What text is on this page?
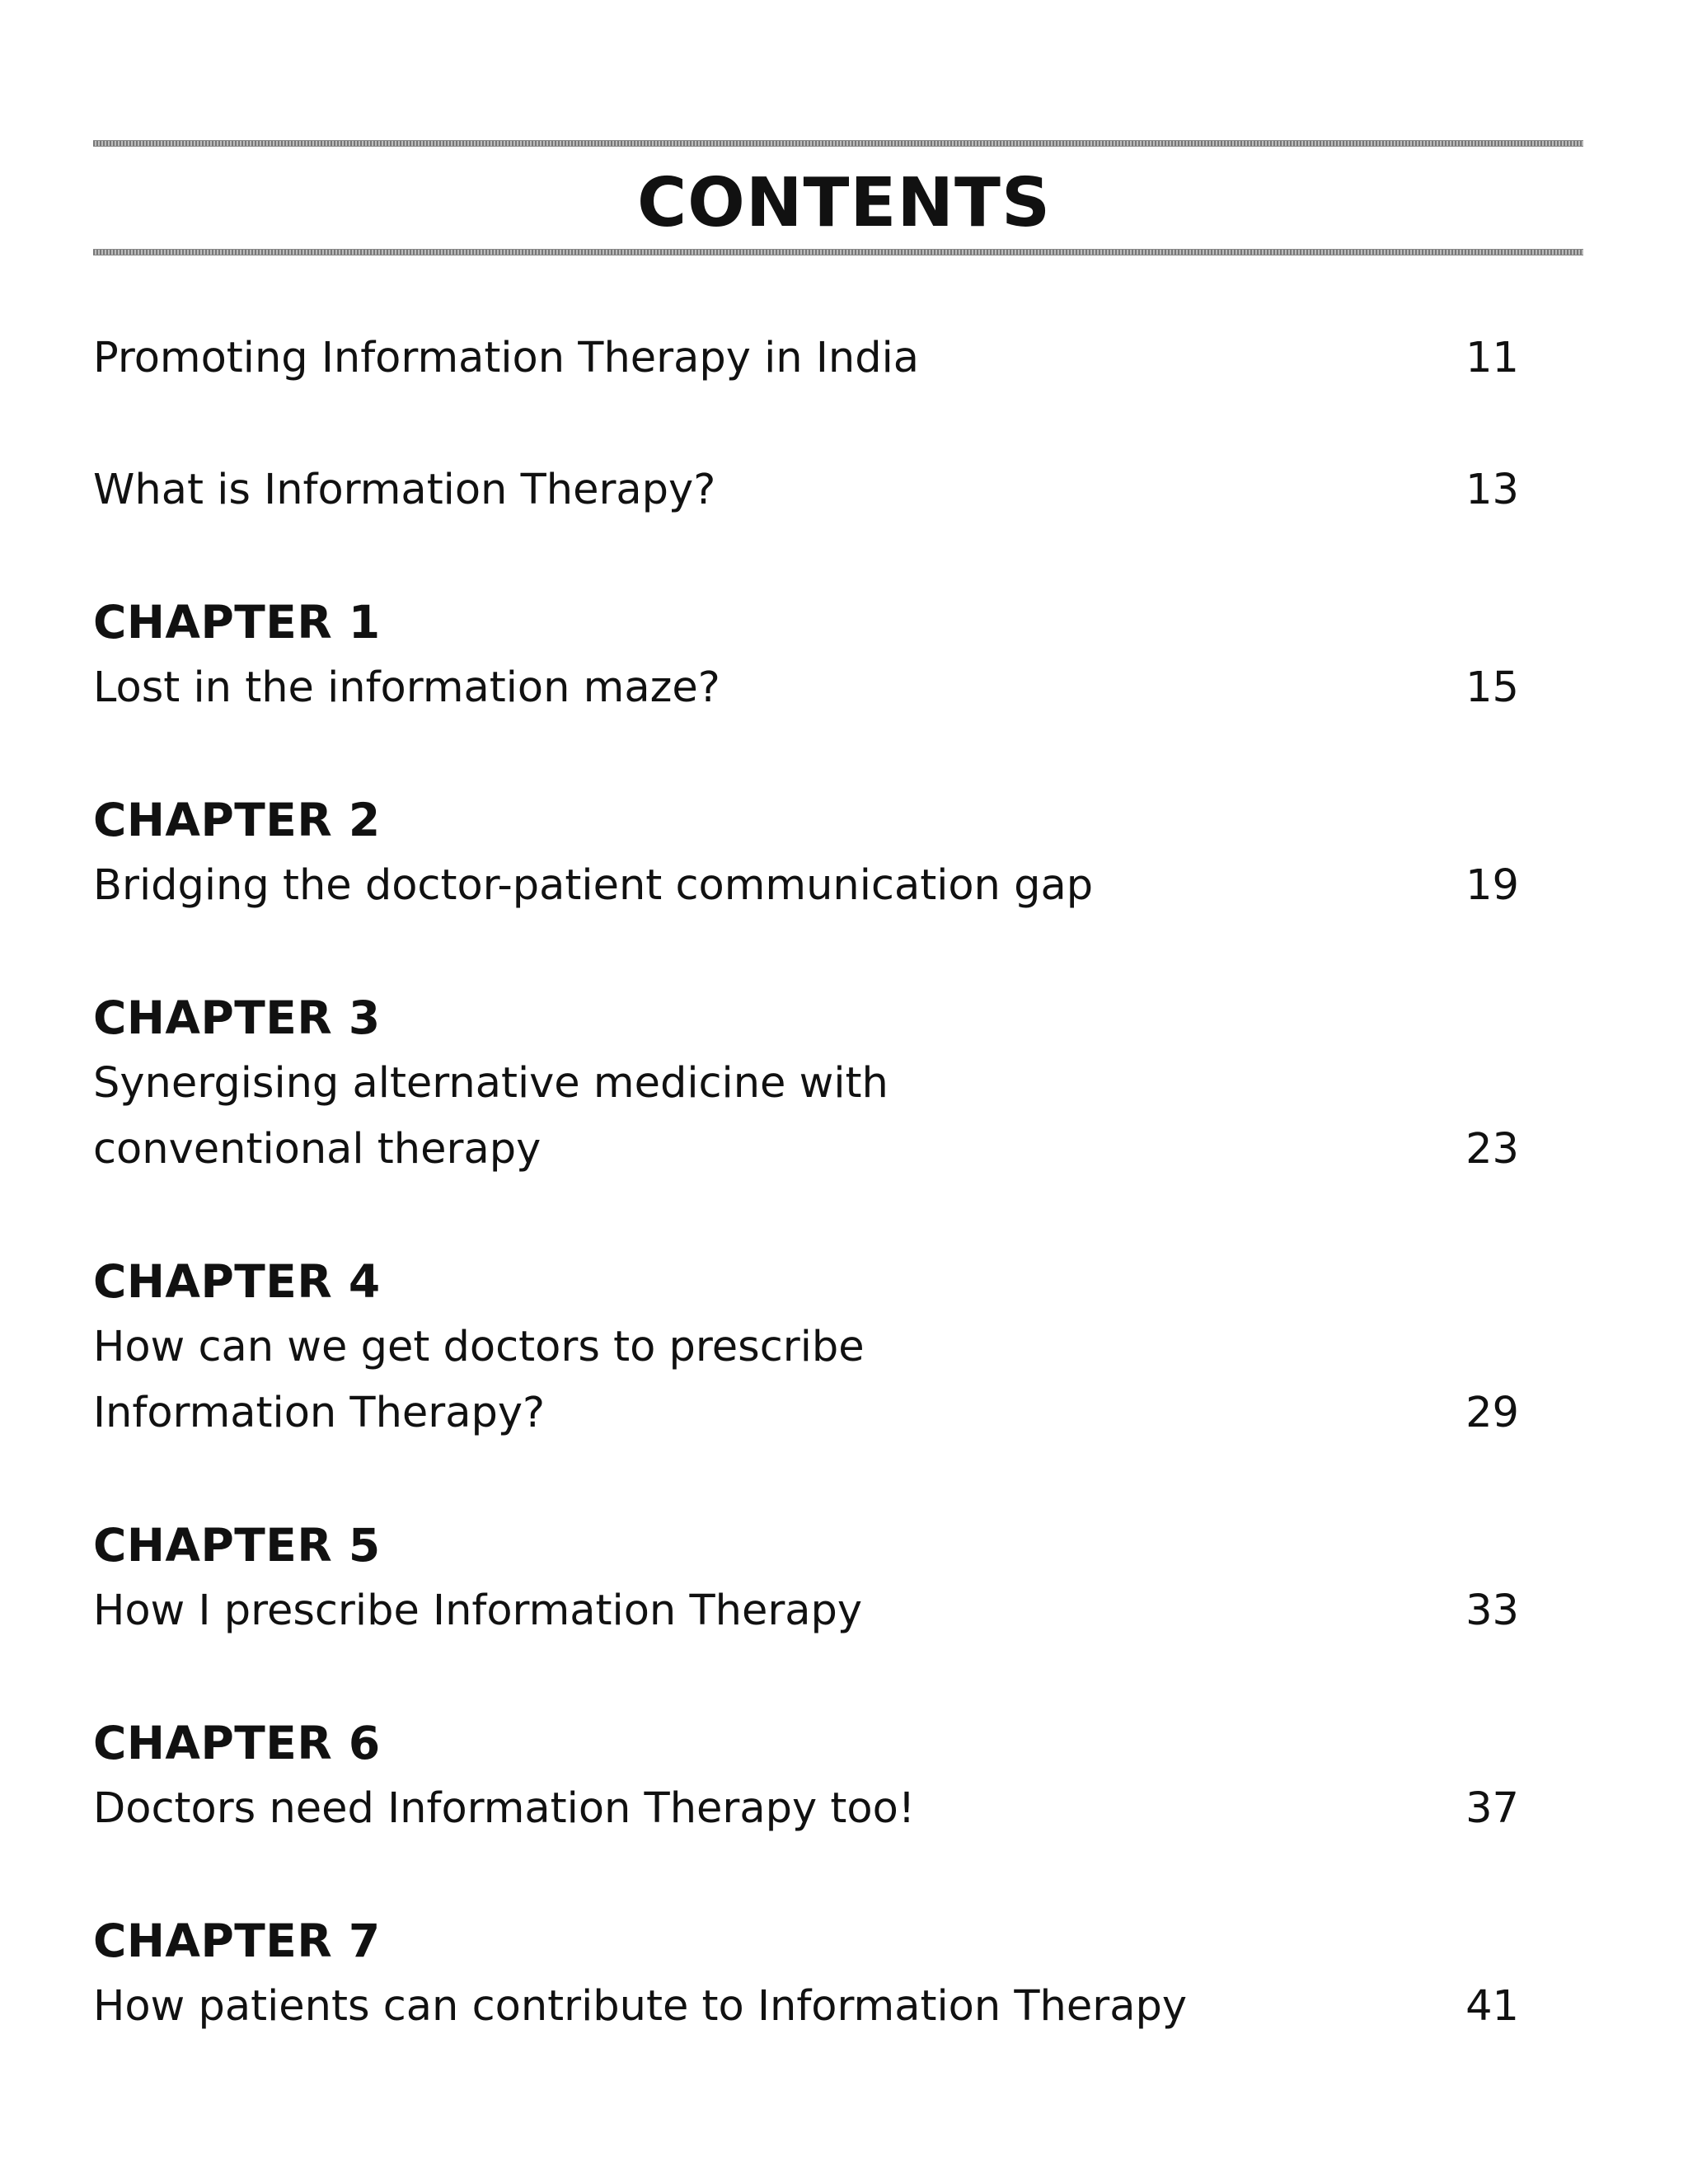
CONTENTS
Promoting Information Therapy in India	11
What is Information Therapy?	13
CHAPTER 1
Lost in the information maze?	15
CHAPTER 2
Bridging the doctor-patient communication gap	19
CHAPTER 3
Synergising alternative medicine with
conventional therapy	23
CHAPTER 4
How can we get doctors to prescribe
Information Therapy?	29
CHAPTER 5
How I prescribe Information Therapy	33
CHAPTER 6
Doctors need Information Therapy too!	37
CHAPTER 7
How patients can contribute to Information Therapy	41
